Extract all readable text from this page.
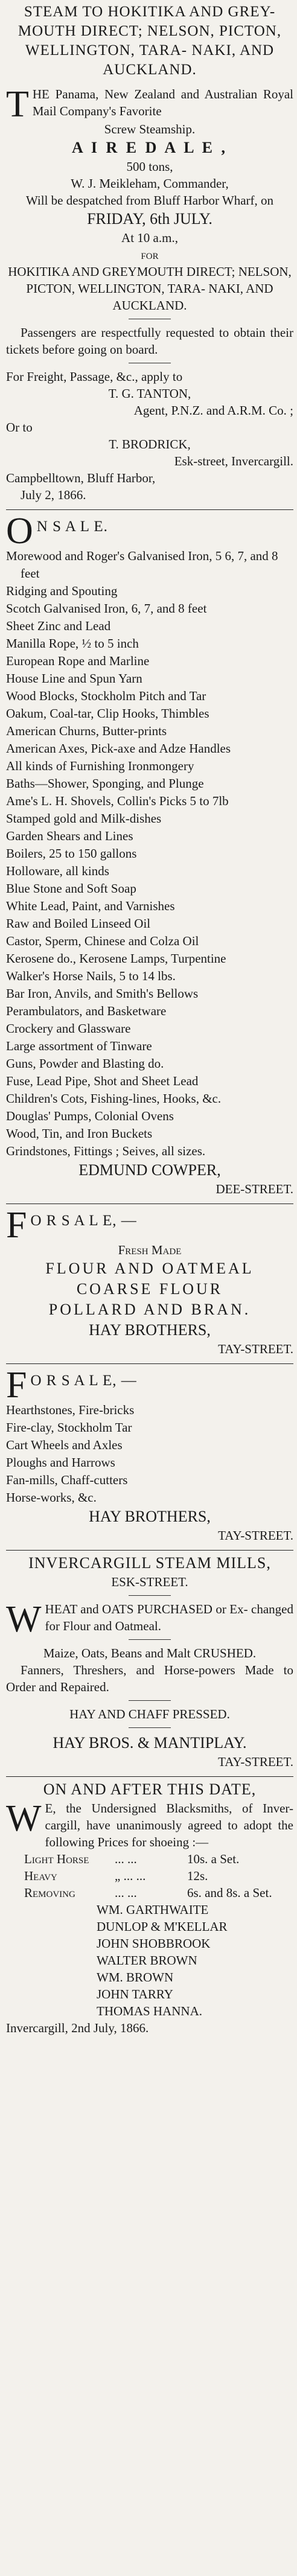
STEAM TO HOKITIKA AND GREY- MOUTH DIRECT; NELSON, PICTON, WELLINGTON, TARA- NAKI, AND AUCKLAND.

T HE Panama, New Zealand and Australian Royal Mail Company's Favorite

Screw Steamship.

A I R E D A L E ,

500 tons,

W. J. Meikleham, Commander,

Will be despatched from Bluff Harbor Wharf, on

FRIDAY, 6th JULY.

At 10 a.m.,

for

HOKITIKA AND GREYMOUTH DIRECT; NELSON, PICTON, WELLINGTON, TARA- NAKI, AND AUCKLAND.

Passengers are respectfully requested to obtain their tickets before going on board.

For Freight, Passage, &c., apply to

T. G. TANTON,

Agent, P.N.Z. and A.R.M. Co. ;

Or to

T. BRODRICK,

Esk-street, Invercargill.

Campbelltown, Bluff Harbor,

July 2, 1866.

O N S A L E.

Morewood and Roger's Galvanised Iron, 5 6, 7, and 8 feet
Ridging and Spouting
Scotch Galvanised Iron, 6, 7, and 8 feet
Sheet Zinc and Lead
Manilla Rope, ½ to 5 inch
European Rope and Marline
House Line and Spun Yarn
Wood Blocks, Stockholm Pitch and Tar
Oakum, Coal-tar, Clip Hooks, Thimbles
American Churns, Butter-prints
American Axes, Pick-axe and Adze Handles
All kinds of Furnishing Ironmongery
Baths—Shower, Sponging, and Plunge
Ame's L. H. Shovels, Collin's Picks 5 to 7lb
Stamped gold and Milk-dishes
Garden Shears and Lines
Boilers, 25 to 150 gallons
Holloware, all kinds
Blue Stone and Soft Soap
White Lead, Paint, and Varnishes
Raw and Boiled Linseed Oil
Castor, Sperm, Chinese and Colza Oil
Kerosene do., Kerosene Lamps, Turpentine
Walker's Horse Nails, 5 to 14 lbs.
Bar Iron, Anvils, and Smith's Bellows
Perambulators, and Basketware
Crockery and Glassware
Large assortment of Tinware
Guns, Powder and Blasting do.
Fuse, Lead Pipe, Shot and Sheet Lead
Children's Cots, Fishing-lines, Hooks, &c.
Douglas' Pumps, Colonial Ovens
Wood, Tin, and Iron Buckets
Grindstones, Fittings ; Seives, all sizes.

EDMUND COWPER,

DEE-STREET.

F O R S A L E, —

Fresh Made

FLOUR AND OATMEAL

COARSE FLOUR

POLLARD AND BRAN.

HAY BROTHERS,

TAY-STREET.

F O R S A L E, —

Hearthstones, Fire-bricks
Fire-clay, Stockholm Tar
Cart Wheels and Axles
Ploughs and Harrows
Fan-mills, Chaff-cutters
Horse-works, &c.

HAY BROTHERS,

TAY-STREET.

INVERCARGILL STEAM MILLS,

ESK-STREET.

W HEAT and OATS PURCHASED or Ex- changed for Flour and Oatmeal.

Maize, Oats, Beans and Malt CRUSHED.

Fanners, Threshers, and Horse-powers Made to Order and Repaired.

HAY AND CHAFF PRESSED.

HAY BROS. & MANTIPLAY.

TAY-STREET.

ON AND AFTER THIS DATE,

W E, the Undersigned Blacksmiths, of Inver- cargill, have unanimously agreed to adopt the following Prices for shoeing :—

Light Horse	... ...	10s. a Set.
Heavy	„ ... ...	12s.
Removing	... ...	6s. and 8s. a Set.

WM. GARTHWAITE

DUNLOP & M'KELLAR

JOHN SHOBBROOK

WALTER BROWN

WM. BROWN

JOHN TARRY

THOMAS HANNA.

Invercargill, 2nd July, 1866.
